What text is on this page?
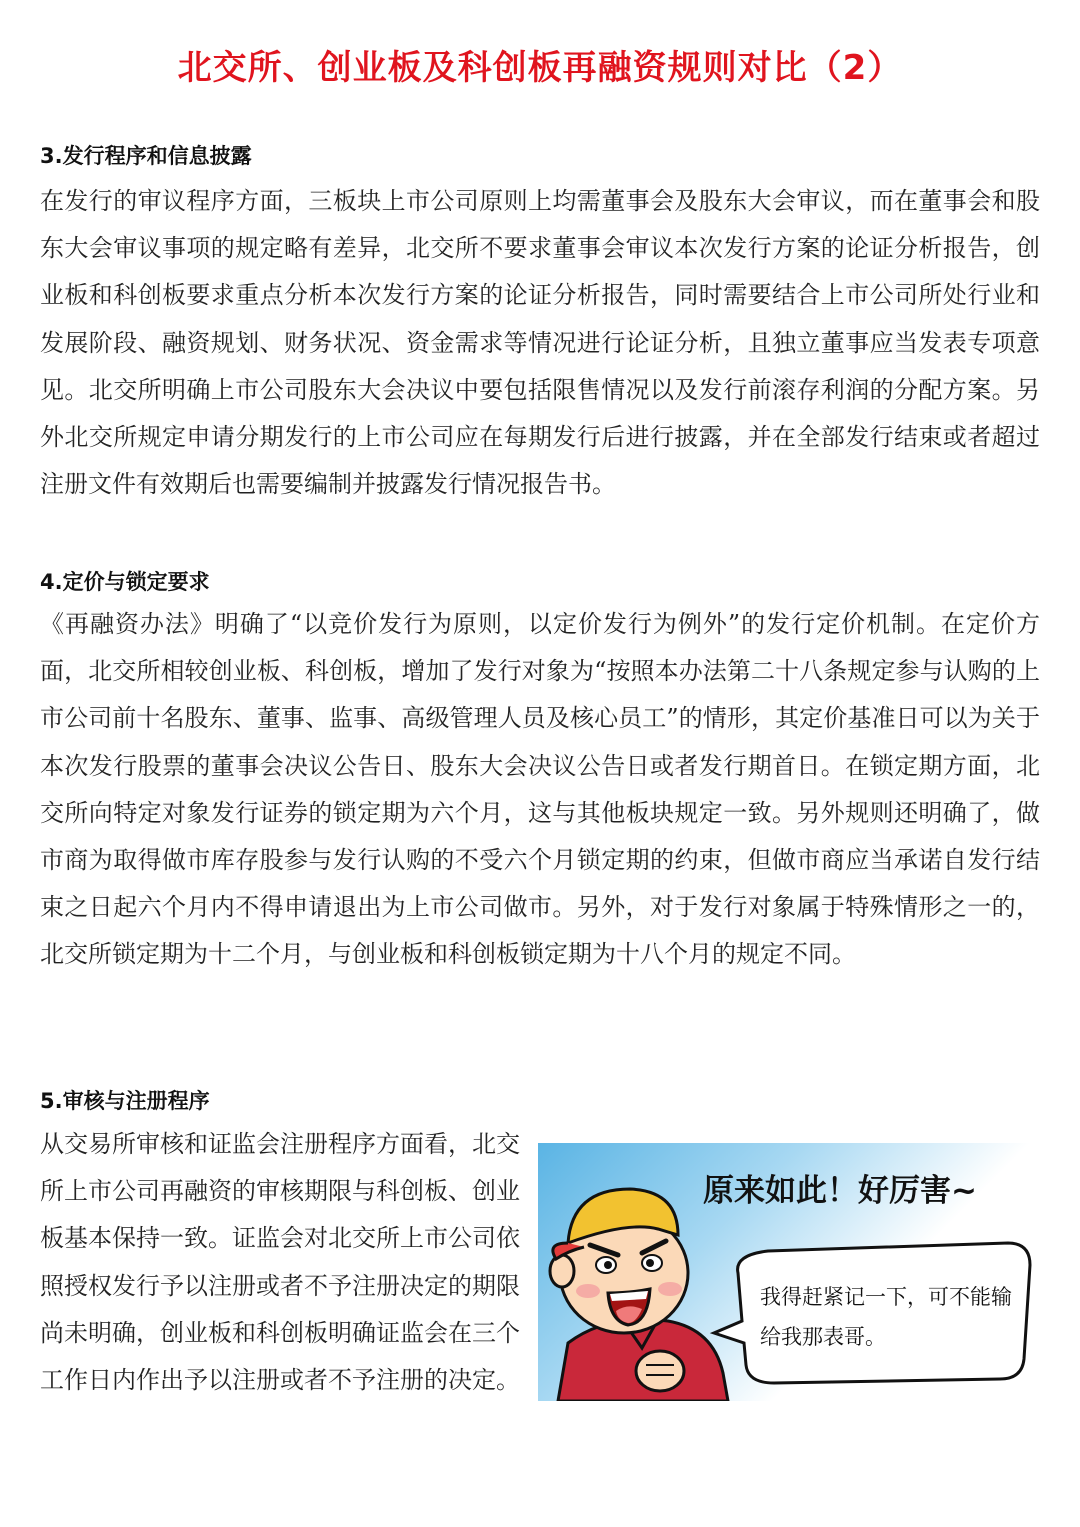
北交所、创业板及科创板再融资规则对比（2）
3.发行程序和信息披露

在发行的审议程序方面，三板块上市公司原则上均需董事会及股东大会审议，而在董事会和股东大会审议事项的规定略有差异，北交所不要求董事会审议本次发行方案的论证分析报告，创业板和科创板要求重点分析本次发行方案的论证分析报告，同时需要结合上市公司所处行业和发展阶段、融资规划、财务状况、资金需求等情况进行论证分析，且独立董事应当发表专项意见。北交所明确上市公司股东大会决议中要包括限售情况以及发行前滚存利润的分配方案。另外北交所规定申请分期发行的上市公司应在每期发行后进行披露，并在全部发行结束或者超过注册文件有效期后也需要编制并披露发行情况报告书。

4.定价与锁定要求

《再融资办法》明确了“以竞价发行为原则，以定价发行为例外”的发行定价机制。在定价方面，北交所相较创业板、科创板，增加了发行对象为“按照本办法第二十八条规定参与认购的上市公司前十名股东、董事、监事、高级管理人员及核心员工”的情形，其定价基准日可以为关于本次发行股票的董事会决议公告日、股东大会决议公告日或者发行期首日。在锁定期方面，北交所向特定对象发行证券的锁定期为六个月，这与其他板块规定一致。另外规则还明确了，做市商为取得做市库存股参与发行认购的不受六个月锁定期的约束，但做市商应当承诺自发行结束之日起六个月内不得申请退出为上市公司做市。另外，对于发行对象属于特殊情形之一的，北交所锁定期为十二个月，与创业板和科创板锁定期为十八个月的规定不同。

5.审核与注册程序

从交易所审核和证监会注册程序方面看，北交所上市公司再融资的审核期限与科创板、创业板基本保持一致。证监会对北交所上市公司依照授权发行予以注册或者不予注册决定的期限尚未明确，创业板和科创板明确证监会在三个工作日内作出予以注册或者不予注册的决定。

原来如此！好厉害~
我得赶紧记一下，可不能输给我那表哥。
